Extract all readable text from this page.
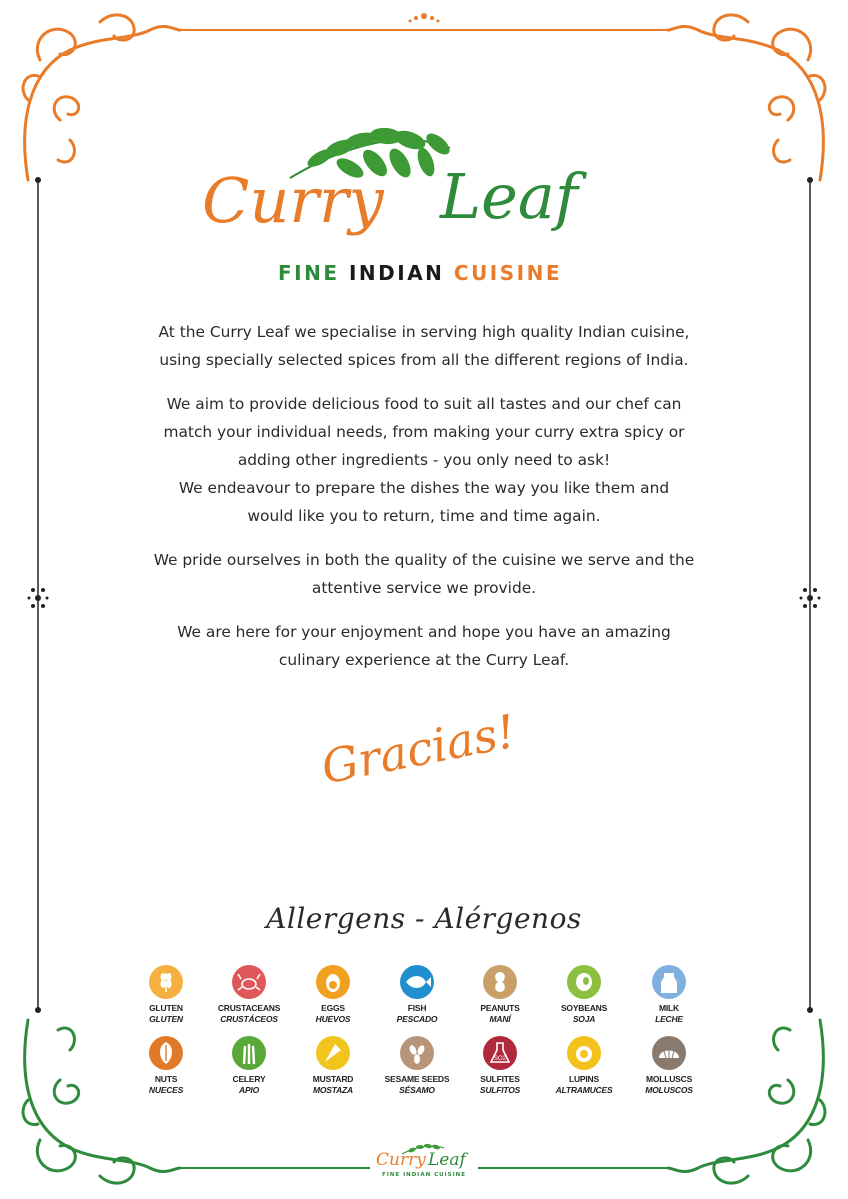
Curry Leaf
FINE INDIAN CUISINE

At the Curry Leaf we specialise in serving high quality Indian cuisine,
using specially selected spices from all the different regions of India.

We aim to provide delicious food to suit all tastes and our chef can
match your individual needs, from making your curry extra spicy or
adding other ingredients - you only need to ask!
We endeavour to prepare the dishes the way you like them and
would like you to return, time and time again.

We pride ourselves in both the quality of the cuisine we serve and the
attentive service we provide.

We are here for your enjoyment and hope you have an amazing
culinary experience at the Curry Leaf.

Gracias!
Allergens - Alérgenos
GLUTEN
GLUTEN
CRUSTACEANS
CRUSTÁCEOS
EGGS
HUEVOS
FISH
PESCADO
PEANUTS
MANÍ
SOYBEANS
SOJA
MILK
LECHE
NUTS
NUECES
CELERY
APIO
MUSTARD
MOSTAZA
SESAME SEEDS
SÉSAMO
SO2
SULFITES
SULFITOS
LUPINS
ALTRAMUCES
MOLLUSCS
MOLUSCOS
Curry Leaf
FINE INDIAN CUISINE
